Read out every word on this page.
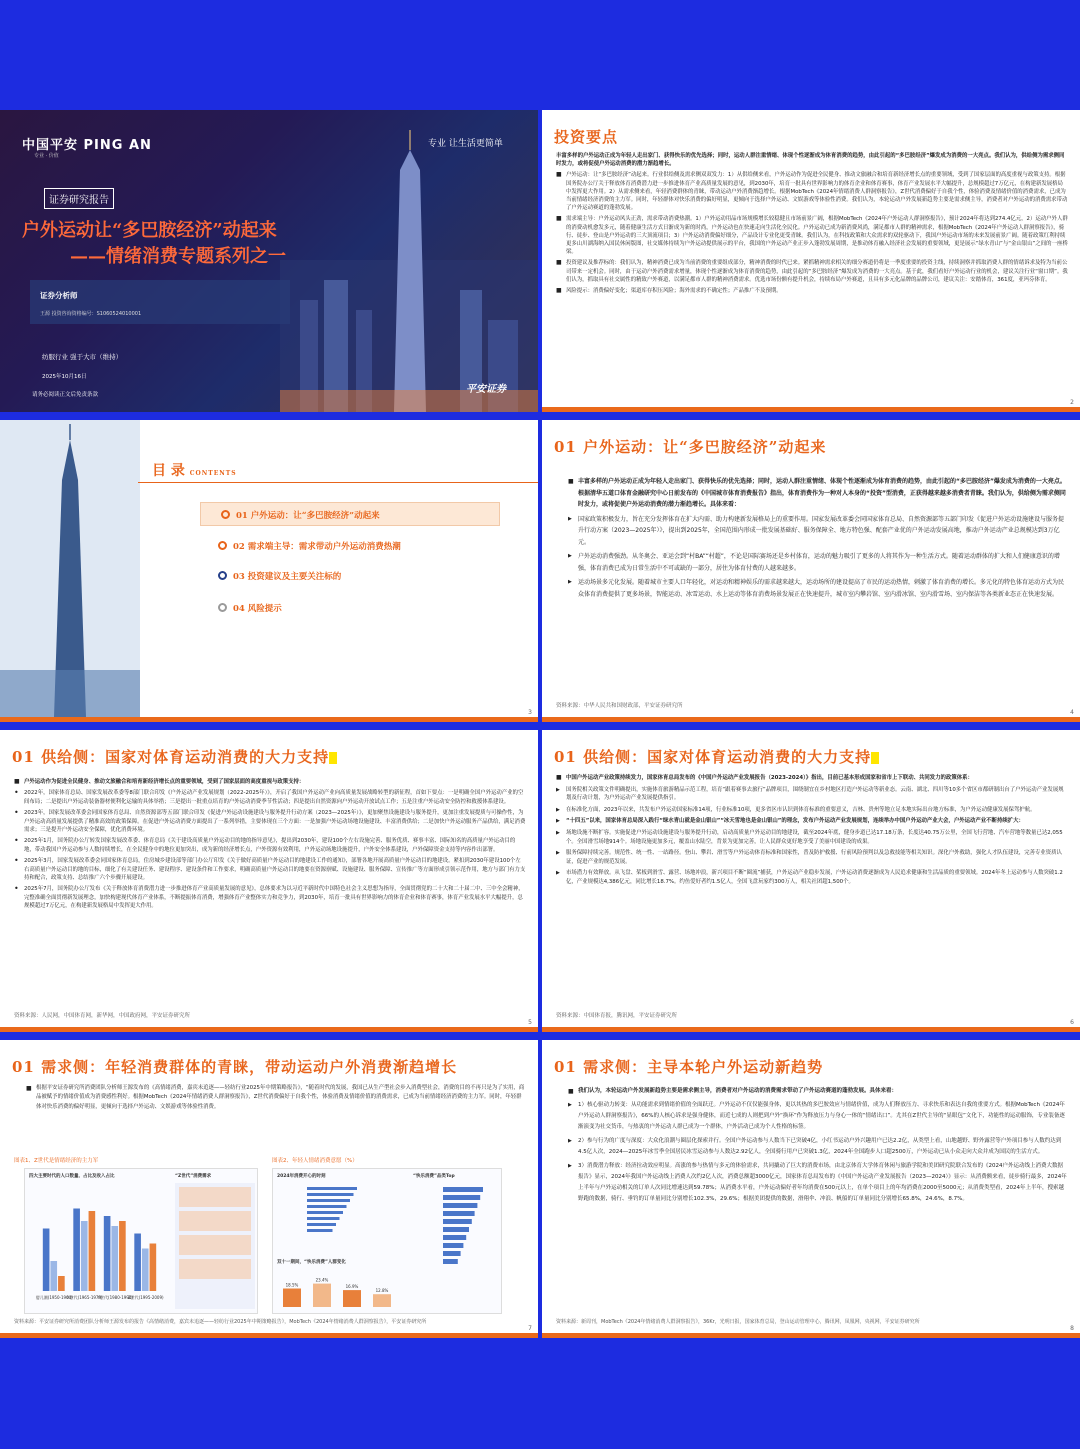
中国平安 PING AN
专业 · 价值
专业 让生活更简单
证券研究报告
户外运动让“多巴胺经济”动起来
——情绪消费专题系列之一
证券分析师
王源 投资咨询资格编号：S1060524010001
纺服行业 强于大市（维持）
2025年10月16日
请务必阅读正文后免责条款	平安证券
投资要点

丰富多样的户外运动正成为年轻人走出家门、获得快乐的优先选择；同时，运动人群注重情绪、体现个性逐渐成为体育消费的趋势，由此引起的“多巴胺经济”爆发成为消费的一大亮点。我们认为，供给侧为需求侧同时发力，或将促使户外运动消费的潜力渐趋增长。

■ 户外运动：让“多巴胺经济”动起来。行业供给侧及需求侧双双发力：1）从供给侧来看，户外运动作为促进全民健身、推动文旅融合和培育新经济增长点的重要领域，受到了国家层面的高度重视与政策支持。根据国务院办公厅关于释放体育消费潜力进一步推进体育产业高质量发展的意见，到2030年，培育一批具有世界影响力的体育企业和体育赛事，体育产业发展水平大幅提升，总规模超过7万亿元，在构建新发展格局中发挥更大作用。2）从需求侧来看，年轻消费群体的青睐，带动运动户外消费渐趋增长。根据MobTech《2024年情绪消费人群洞察报告》，Z世代消费偏好于自我个性，体验消费及情绪价值的消费需求，已成为当前情绪经济消费的主力军。同时，年轻群体对快乐消费的偏好明显，更倾向于选择户外运动、文娱游戏等体验性消费。我们认为，本轮运动户外发展新趋势主要是需求侧主导，消费者对户外运动的消费需求带动了户外运动赛道的蓬勃发展。

■ 需求端主导：户外运动风头正劲，需求带动消费热潮。1）户外运动用品市场规模增长较稳健且市场前景广阔，根据MobTech《2024年户外运动人群洞察报告》，预计2024年将达到274.4亿元，2）运动户外人群的消费动机愈发多元，随着健康生活方式日渐成为新的时尚，户外运动也在快速走向生活化全民化。户外运动已成为新消费风尚，满足都市人群的精神需求，根据MobTech《2024年户外运动人群洞察报告》，骑行、徒步、登山是户外运动的三大顶流项目；3）户外运动消费偏好细分，产品设计专业化更受青睐。我们认为，在科技政策和大众需求的双轮驱动下，我国户外运动市场的未来发展前景广阔。随着政策红利持续更多山川湖海纳入国民休闲版图，社交媒体持续为户外运动提供展示的平台，我国的户外运动产业正步入蓬勃发展周期，是推动体育融入经济社会发展的重要领域，更是展示“绿水青山”与“金山银山”之间的一座桥梁。

■ 投资建议及推荐标的：我们认为，精神消费已成为当前消费的重要组成部分，精神消费的时代已来。紧抓精神需求相关的细分赛道仍将是一季度重要的投资主线，持续洞察并抓取消费人群的情绪诉求及特为当前公司带来一定机会。同时，由于运动户外消费需求增量，体现个性逐渐成为体育消费的趋势，由此引起的“多巴胺经济”爆发成为消费的一大亮点。基于此，我们看好户外运动行业的机会，建议关注行业“窗口期”。我们认为，抓取具有社交属性的精致户外赛道，以满足都市人群的精神消费需求。优选市场份额有提升机会，持续布局户外赛道，且具有多元化品牌的品牌公司，建议关注：安踏体育，361度，亚玛芬体育。

■ 风险提示：消费偏好变化；渠道库存积压风险；海外需求的不确定性；产品推广不及预期。

2
目 录 CONTENTS
01 户外运动：让“多巴胺经济”动起来
02 需求端主导：需求带动户外运动消费热潮
03 投资建议及主要关注标的
04 风险提示
3
01 户外运动：让“多巴胺经济”动起来

■ 丰富多样的户外运动正成为年轻人走出家门、获得快乐的优先选择；同时，运动人群注重情绪、体现个性逐渐成为体育消费的趋势，由此引起的“多巴胺经济”爆发成为消费的一大亮点。根据清华五道口体育金融研究中心日前发布的《中国城市体育消费报告》指出，体育消费作为一种对人本身的“投资”型消费，正获得越来越多消费者青睐。我们认为，供给侧为需求侧同时发力，或将促使户外运动消费的潜力渐趋增长。具体来看：

▶ 国家政策积极发力，旨在充分发挥体育在扩大内需、助力构建新发展格局上的重要作用。国家发展改革委会同国家体育总局、自然资源部等五部门印发《促进户外运动设施建设与服务提升行动方案（2023—2025年）》，提出到2025年，全国范围内形成一批发展基础好、服务保障全、地方特色强、配套产业优的户外运动发展高地，推动户外运动产业总规模达到3万亿元。

▶ 户外运动消费强劲。从冬奥会、亚运会到“村BA”“村超”，不论是国际赛场还是乡村体育，运动的魅力吸引了更多的人将其作为一种生活方式。随着运动群体的扩大和人们健康意识的增强，体育消费已成为日常生活中不可或缺的一部分，居住为体育付费的人越来越多。

▶ 运动场景多元化发展。随着城市主要人口年轻化，对运动和精神娱乐的需求越来越大，运动场所的建设提高了市民的运动热情，刺激了体育消费的增长。多元化的特色体育运动方式为民众体育消费提供了更多场景，智能运动、冰雪运动、水上运动等体育消费场景发展正在快速提升，城市室内攀岩馆、室内滑冰馆、室内滑雪场、室内保洁等各类新业态正在快速发展。

资料来源：中华人民共和国财政部，平安证券研究所
4
01 供给侧：国家对体育运动消费的大力支持

■ 户外运动作为促进全民健身、推动文旅融合和培育新经济增长点的重要领域，受到了国家层面的高度重视与政策支持：

• 2022年，国家体育总局、国家发展改革委等8部门联合印发《户外运动产业发展规划（2022-2025年）》，开启了我国户外运动产业向高质量发展战略转型的新征程，首如下要点：一是明确全国户外运动产业的空间布局；二是提出户外运动装备器材便利化运输的具体举措；三是提出一批重点培育的户外运动消费季节性活动；四是提出自然资源向户外运动开放试点工作；五是注重户外运动安全防控和救援体系建设。

• 2023年，国家发展改革委会同国家体育总局、自然资源部等五部门联合印发《促进户外运动设施建设与服务提升行动方案（2023—2025年）》，更加聚焦设施建设与服务提升，更加注重发展提质与可操作性，为户外运动高质量发展提供了精准高效的政策保障。在促进户外运动消费方面提出了一系列举措，主要体现在三个方面：一是加强户外运动场地设施建设、丰富消费供给；二是加快户外运动服务产品供给，满足消费需求；三是提升户外运动安全保障，优化消费环境。

• 2025年1月，国务院办公厅转发国家发展改革委、体育总局《关于建设高质量户外运动目的地的指导意见》，提出到2030年，建设100个左右设施完善、服务优质、赛事丰富、国际知名的高质量户外运动目的地，带动我国户外运动参与人数持续增长，在全民健身中的地位更加突出，成为新的经济增长点，户外资源有效利用，户外运动场地设施提升，户外安全体系建设，户外保障资金支持等内容作出部署。

• 2025年3月，国家发展改革委会同国家体育总局，住房城乡建设部等部门办公厅印发《关于做好高质量户外运动目的地建设工作的通知》，部署各地开展高质量户外运动目的地建设。紧扣到2030年建设100个左右高质量户外运动目的地的目标，细化了有关建设任务、建设程序、建设条件和工作要求，明确高质量户外运动目的地要在资源禀赋、设施建设、服务保障、宣传推广等方面形成引领示范作用，地方与部门有力支持和配合，政策支持、总结推广六个步骤开展建设。

• 2025年7月，国务院办公厅发布《关于释放体育消费潜力进一步推进体育产业高质量发展的意见》，总体要求为以习近平新时代中国特色社会主义思想为指导，全面贯彻党的二十大和二十届二中、三中全会精神，完整准确全面贯彻新发展理念，加快构建现代体育产业体系，不断提振体育消费，增强体育产业整体实力和竞争力，到2030年，培育一批具有世界影响力的体育企业和体育赛事，体育产业发展水平大幅提升，总规模超过7万亿元，在构建新发展格局中发挥更大作用。

资料来源：人民网，中国体育网，新华网，中国政府网，平安证券研究所
5
01 供给侧：国家对体育运动消费的大力支持

■ 中国户外运动产业政策持续发力，国家体育总局发布的《中国户外运动产业发展报告（2023-2024）》指出，目前已基本形成国家和省市上下联动、共同发力的政策体系：

▶ 国务院相关政策文件明确提出，实施体育旅游精品示范工程，培育“跟着赛事去旅行”品牌项目，围绕制宜在乡村地区打造户外运动等新业态。云南、湖北、四川等10多个省区市都研制出台了户外运动产业发展规划及行动计划，为户外运动产业发展提供指引。

▶ 在标准化方面，2023年以来，共发布户外运动国家标准14项，行业标准10项，更多省区市认识到体育标准的重要意义，吉林、贵州等地立足本地实际出台地方标准，为户外运动健康发展保驾护航。

▶ “十四五”以来，国家体育总局深入践行“绿水青山就是金山银山”“冰天雪地也是金山银山”的理念，发布户外运动产业发展规划，连续举办中国户外运动产业大会，户外运动产业不断持续扩大：

▶ 场地设施不断扩容。实施促进户外运动设施建设与服务提升行动，启动高质量户外运动目的地建设，截至2024年底，健身步道已达17.18万条，长度达40.75万公里，全国飞行营地、汽车营地等数量已达2,055个。全国滑雪场地914个。场地设施更加多元，覆盖山水陆空，背景为更加完善，让人民群众更好地享受了美丽中国建设的成果。

▶ 服务保障持续完善。规范性、统一性、一站路径。登山、攀岩、滑雪等户外运动体育标准和国家性，普及防护救援、行前风险预判以及急救技能等相关知识。深化户外救助，强化人才队伍建设，完善专业资质认证，促进产业的规范发展。

▶ 市场潜力有效释放。从飞盘、桨板到滑雪、露营、场地冲浪，新兴项目不断“圈流”捕获，户外运动产业稳步发展，户外运动消费逐渐成为人民追求健康和生活品质的重要领域。2024年冬上运动参与人数突破1.2亿，产业规模达4,386亿元，同比增长18.7%。约鱼爱好者约1.5亿人，全国飞盘玩家约300万人，相关社团超1,500个。

资料来源：中国体育报，腾讯网，平安证券研究所
6
01 需求侧：年轻消费群体的青睐，带动运动户外消费渐趋增长

■ 根据平安证券研究所消费团队分析师王源发布的《高情绪消费，嘉宾未追逐——轻纺行业2025年中期策略报告》，“随着时代的发展，我国已从生产型社会步入消费型社会，消费的目的不再只是为了实用，商品被赋予的情绪价值成为消费感性利好。根据MobTech《2024年情绪消费人群洞察报告》，Z世代消费偏好于自我个性，体验消费及情绪价值的消费需求，已成为当前情绪经济消费的主力军。同时，年轻群体对快乐消费的偏好明显，更倾向于选择户外运动、文娱游戏等体验性消费。

图表1、Z世代是情绪经济的主力军	图表2、年轻人情绪消费意愿（%）
四大主要时代的人口数量、占比及收入占比	“Z世代”消费需求
婴儿潮(1950-1964)
X世代(1965-1979)
Y世代(1980-1994)
Z世代(1995-2009)
2024年消费开心的时刻	“快乐消费”品类Top
双十一期间，“快乐消费”人群变化
18.5%
23.4%
16.9%
12.8%
资料来源：平安证券研究所消费团队分析师王源发布的报告《高情绪消费，嘉宾未追逐——轻纺行业2025年中期策略报告》，MobTech《2024年情绪消费人群洞察报告》，平安证券研究所
7
01 需求侧：主导本轮户外运动新趋势

■ 我们认为，本轮运动户外发展新趋势主要是需求侧主导，消费者对户外运动的消费需求带动了户外运动赛道的蓬勃发展。具体来看：

▶ 1）核心驱动力转变：从功能需求到情绪价值的全面跃迁。户外运动不仅仅能强身体，更以其热的多巴胺效应与情绪价值，成为人们释放压力、寻求快乐和表达自我的重要方式。根据MobTech《2024年户外运动人群洞察报告》，66%的人核心诉求是强身健体，而近七成的人则把到户外“换环”作为释放压力与身心一体的“情绪出口”。尤其在Z世代主导的“显眼包”文化下，功能性的运动服饰，专业装备逐渐演变为社交货币，与热衷的户外运动人群已成为一个群体，户外活动已成为个人性格的标签。

▶ 2）参与行为的广度与深度：大众化浪潮与圈层化探索并行。全国户外运动参与人数当下已突破4亿，小红书运动户外兴趣用户已达2.2亿，从类型上看，山地越野、野外露营等户外项目参与人数约达到4.5亿人次，2024—2025年冰雪季全国居民冰雪运动参与人数达2.92亿人，全国骑行用户已突破1.3亿，2024年全国跑步人口超2500万，户外运动已从小众走向大众并成为国民的生活方式。

▶ 3）消费潜力释放：经济拉动效应明显。高涨的参与热情与多元的体验需求，共同撬动了巨大的消费市场，由北京体育大学体育休闲与旅游学院和美团研究院联合发布的《2024户外运动线上消费大数据报告》显示，2024年我国户外运动线上消费人次约2亿人次，消费总额超3000亿元，国家体育总局发布的《中国户外运动产业发展报告（2023—2024）》显示：从消费额来看，徒步骑行最多，2024年上半年与户外运动相关的订单人次同比增速达到59.78%；从消费水平看，户外运动偏好者年均消费在500元以上，在单个项目上的年均消费在2000至5000元；从消费类型看，2024年上半年，搜索越野跑的数据，骑行、垂钓的订单量同比分别增长102.3%，29.6%；根据美团提供的数据，滑翔伞、冲浪、帆船的订单量同比分别增长65.8%，24.6%，8.7%。

资料来源：新周刊，MobTech《2024年情绪消费人群洞察报告》，36Kr，光明日报，国家体育总局，登山运动管理中心，腾讯网，凤凰网，央视网，平安证券研究所
8
